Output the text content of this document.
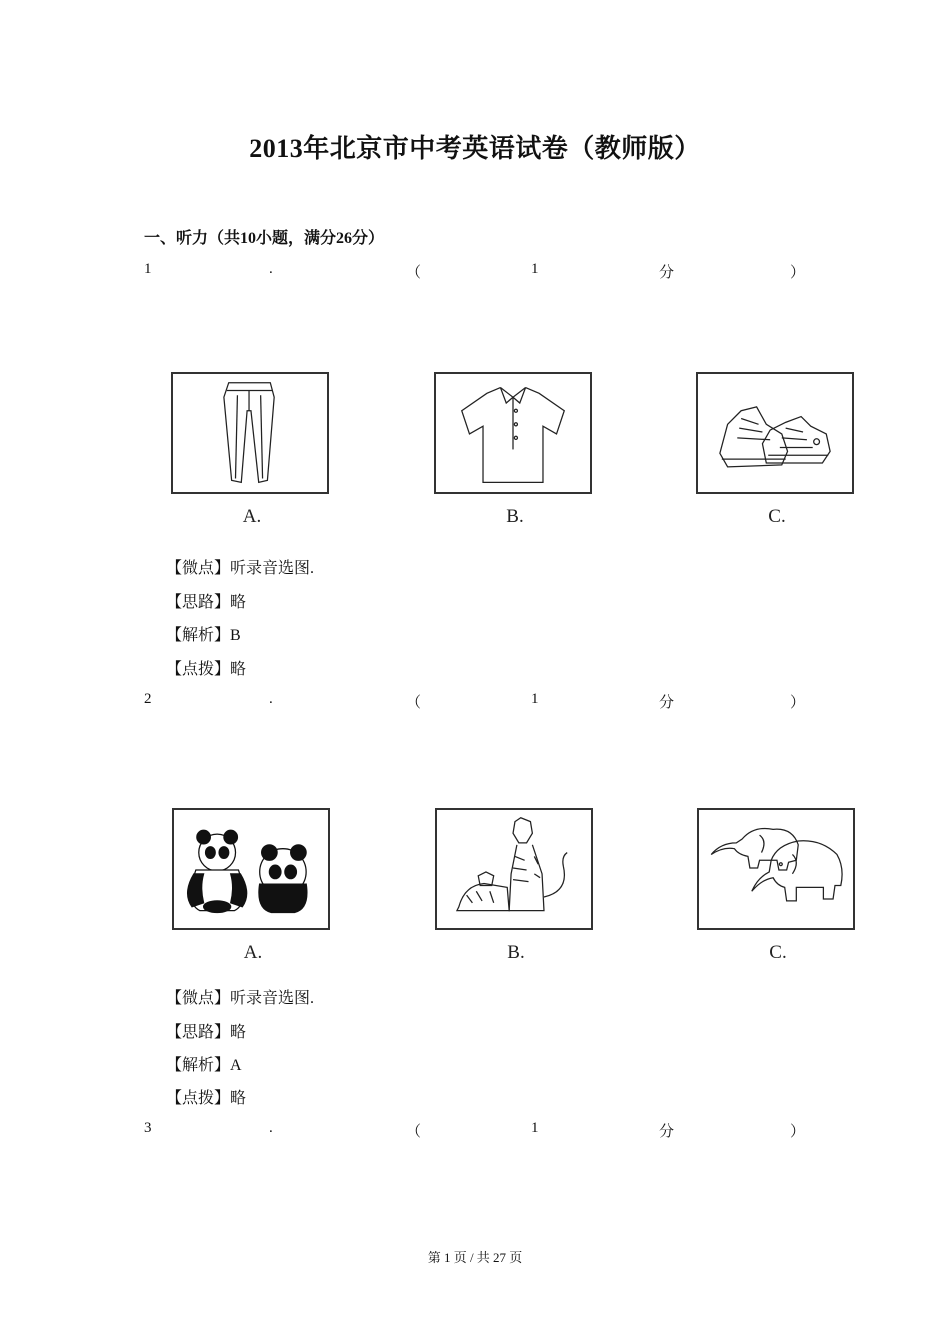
2013年北京市中考英语试卷（教师版）
一、听力（共10小题，满分26分）
1	.	（	1	分	）
A.	B.	C.
【微点】听录音选图.
【思路】略
【解析】B
【点拨】略
2	.	（	1	分	）
A.	B.	C.
【微点】听录音选图.
【思路】略
【解析】A
【点拨】略
3	.	（	1	分	）
第 1 页 / 共 27 页
